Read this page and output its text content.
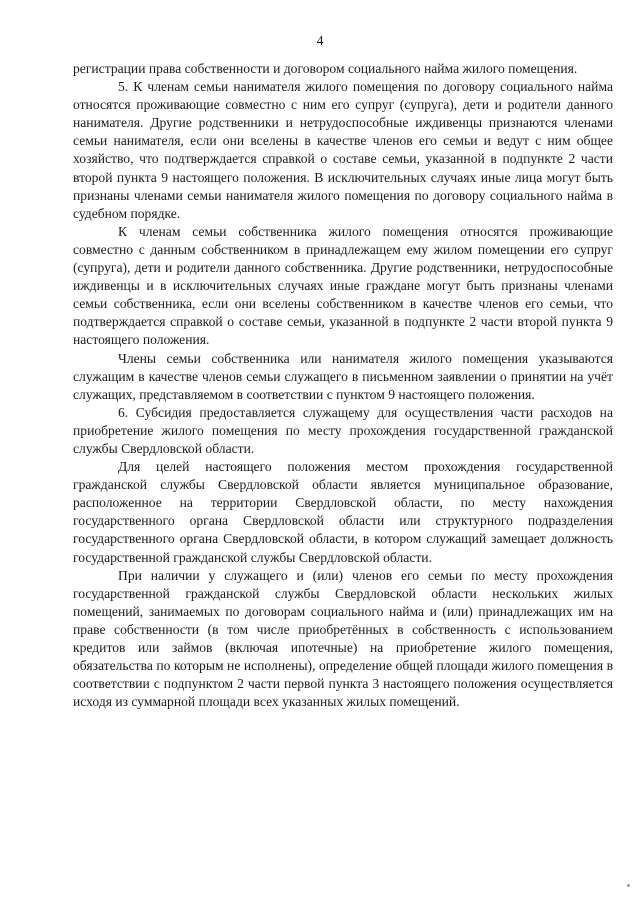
4

регистрации права собственности и договором социального найма жилого помещения.

5. К членам семьи нанимателя жилого помещения по договору социального найма относятся проживающие совместно с ним его супруг (супруга), дети и родители данного нанимателя. Другие родственники и нетрудоспособные иждивенцы признаются членами семьи нанимателя, если они вселены в качестве членов его семьи и ведут с ним общее хозяйство, что подтверждается справкой о составе семьи, указанной в подпункте 2 части второй пункта 9 настоящего положения. В исключительных случаях иные лица могут быть признаны членами семьи нанимателя жилого помещения по договору социального найма в судебном порядке.

К членам семьи собственника жилого помещения относятся проживающие совместно с данным собственником в принадлежащем ему жилом помещении его супруг (супруга), дети и родители данного собственника. Другие родственники, нетрудоспособные иждивенцы и в исключительных случаях иные граждане могут быть признаны членами семьи собственника, если они вселены собственником в качестве членов его семьи, что подтверждается справкой о составе семьи, указанной в подпункте 2 части второй пункта 9 настоящего положения.

Члены семьи собственника или нанимателя жилого помещения указываются служащим в качестве членов семьи служащего в письменном заявлении о принятии на учёт служащих, представляемом в соответствии с пунктом 9 настоящего положения.

6. Субсидия предоставляется служащему для осуществления части расходов на приобретение жилого помещения по месту прохождения государственной гражданской службы Свердловской области.

Для целей настоящего положения местом прохождения государственной гражданской службы Свердловской области является муниципальное образование, расположенное на территории Свердловской области, по месту нахождения государственного органа Свердловской области или структурного подразделения государственного органа Свердловской области, в котором служащий замещает должность государственной гражданской службы Свердловской области.

При наличии у служащего и (или) членов его семьи по месту прохождения государственной гражданской службы Свердловской области нескольких жилых помещений, занимаемых по договорам социального найма и (или) принадлежащих им на праве собственности (в том числе приобретённых в собственность с использованием кредитов или займов (включая ипотечные) на приобретение жилого помещения, обязательства по которым не исполнены), определение общей площади жилого помещения в соответствии с подпунктом 2 части первой пункта 3 настоящего положения осуществляется исходя из суммарной площади всех указанных жилых помещений.
